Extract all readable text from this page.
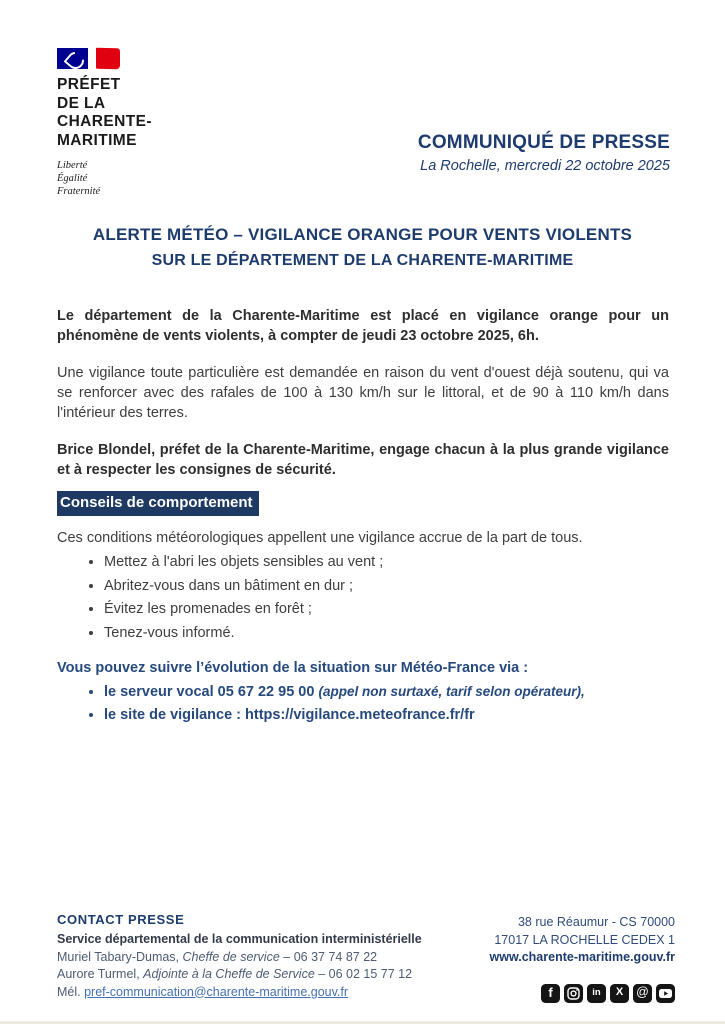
PRÉFET
DE LA
CHARENTE-
MARITIME
Liberté
Égalité
Fraternité
COMMUNIQUÉ DE PRESSE
La Rochelle, mercredi 22 octobre 2025
ALERTE MÉTÉO – VIGILANCE ORANGE POUR VENTS VIOLENTS
SUR LE DÉPARTEMENT DE LA CHARENTE-MARITIME

Le département de la Charente-Maritime est placé en vigilance orange pour un phénomène de vents violents, à compter de jeudi 23 octobre 2025, 6h.

Une vigilance toute particulière est demandée en raison du vent d'ouest déjà soutenu, qui va se renforcer avec des rafales de 100 à 130 km/h sur le littoral, et de 90 à 110 km/h dans l'intérieur des terres.

Brice Blondel, préfet de la Charente-Maritime, engage chacun à la plus grande vigilance et à respecter les consignes de sécurité.

Conseils de comportement
Ces conditions météorologiques appellent une vigilance accrue de la part de tous.
• Mettez à l'abri les objets sensibles au vent ;
• Abritez-vous dans un bâtiment en dur ;
• Évitez les promenades en forêt ;
• Tenez-vous informé.
Vous pouvez suivre l’évolution de la situation sur Météo-France via :
• le serveur vocal 05 67 22 95 00 (appel non surtaxé, tarif selon opérateur),
• le site de vigilance : https://vigilance.meteofrance.fr/fr
CONTACT PRESSE
Service départemental de la communication interministérielle
Muriel Tabary-Dumas, Cheffe de service – 06 37 74 87 22
Aurore Turmel, Adjointe à la Cheffe de Service – 06 02 15 77 12
Mél. pref-communication@charente-maritime.gouv.fr
38 rue Réaumur - CS 70000
17017 LA ROCHELLE CEDEX 1
www.charente-maritime.gouv.fr
f	in	X	@
